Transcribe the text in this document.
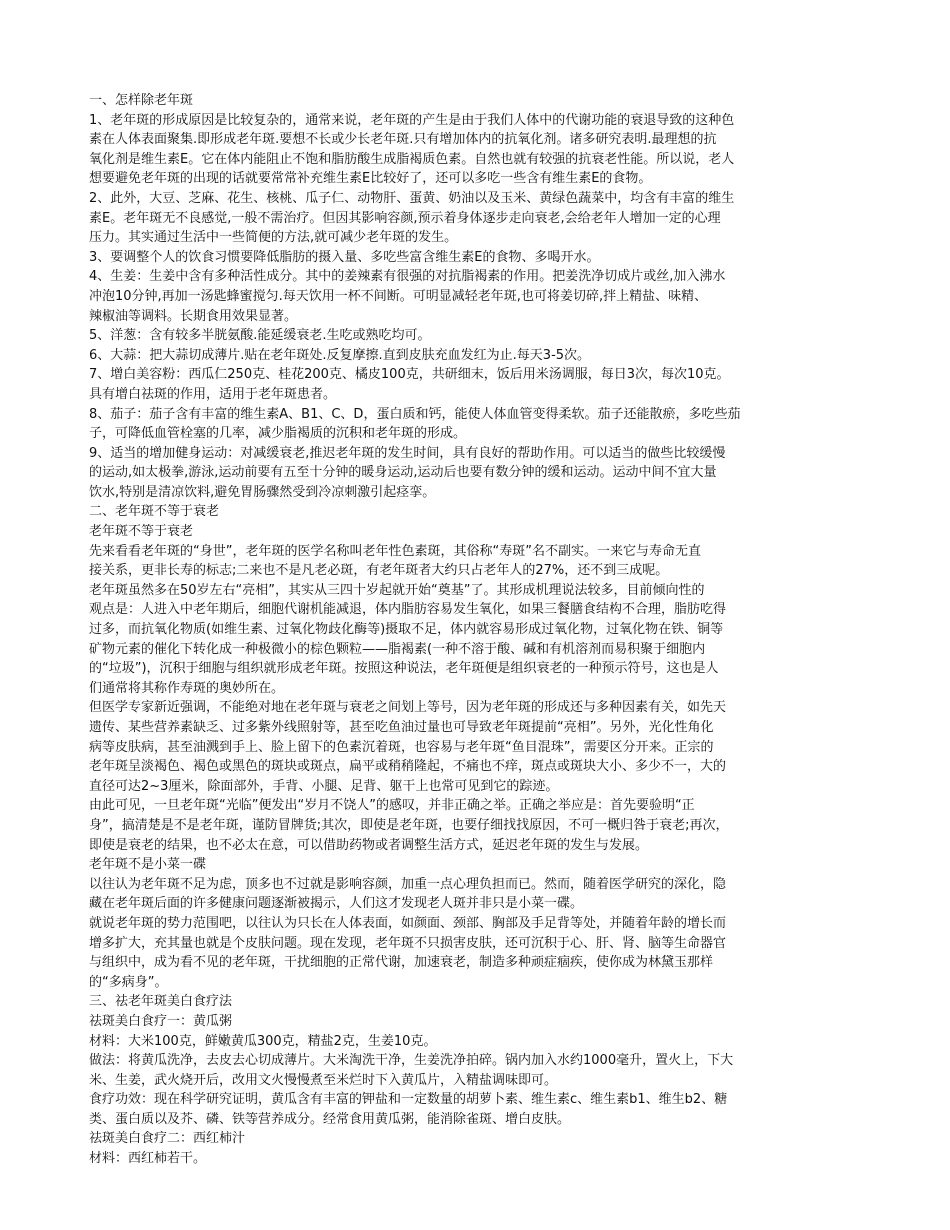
一、怎样除老年斑

1、老年斑的形成原因是比较复杂的，通常来说，老年斑的产生是由于我们人体中的代谢功能的衰退导致的这种色

素在人体表面聚集.即形成老年斑.要想不长或少长老年斑.只有增加体内的抗氧化剂。诸多研究表明.最理想的抗

氧化剂是维生素E。它在体内能阻止不饱和脂肪酸生成脂褐质色素。自然也就有较强的抗衰老性能。所以说，老人

想要避免老年斑的出现的话就要常常补充维生素E比较好了，还可以多吃一些含有维生素E的食物。

2、此外，大豆、芝麻、花生、核桃、瓜子仁、动物肝、蛋黄、奶油以及玉米、黄绿色蔬菜中，均含有丰富的维生

素E。老年斑无不良感觉,一般不需治疗。但因其影响容颜,预示着身体逐步走向衰老,会给老年人增加一定的心理

压力。其实通过生活中一些简便的方法,就可减少老年斑的发生。

3、要调整个人的饮食习惯要降低脂肪的摄入量、多吃些富含维生素E的食物、多喝开水。

4、生姜：生姜中含有多种活性成分。其中的姜辣素有很强的对抗脂褐素的作用。把姜洗净切成片或丝,加入沸水

冲泡10分钟,再加一汤匙蜂蜜搅匀.每天饮用一杯不间断。可明显减轻老年斑,也可将姜切碎,拌上精盐、味精、

辣椒油等调料。长期食用效果显著。

5、洋葱：含有较多半胱氨酸.能延缓衰老.生吃或熟吃均可。

6、大蒜：把大蒜切成薄片.贴在老年斑处.反复摩擦.直到皮肤充血发红为止.每天3-5次。

7、增白美容粉：西瓜仁250克、桂花200克、橘皮100克，共研细末，饭后用米汤调服，每日3次，每次10克。

具有增白祛斑的作用，适用于老年斑患者。

8、茄子：茄子含有丰富的维生素A、B1、C、D，蛋白质和钙，能使人体血管变得柔软。茄子还能散瘀，多吃些茄

子，可降低血管栓塞的几率，减少脂褐质的沉积和老年斑的形成。

9、适当的增加健身运动：对减缓衰老,推迟老年斑的发生时间，具有良好的帮助作用。可以适当的做些比较缓慢

的运动,如太极拳,游泳,运动前要有五至十分钟的暖身运动,运动后也要有数分钟的缓和运动。运动中间不宜大量

饮水,特别是清凉饮料,避免胃肠骤然受到冷凉刺激引起痉挛。

二、老年斑不等于衰老

老年斑不等于衰老

先来看看老年斑的“身世”，老年斑的医学名称叫老年性色素斑，其俗称“寿斑”名不副实。一来它与寿命无直

接关系，更非长寿的标志;二来也不是凡老必斑，有老年斑者大约只占老年人的27%，还不到三成呢。

老年斑虽然多在50岁左右“亮相”，其实从三四十岁起就开始“奠基”了。其形成机理说法较多，目前倾向性的

观点是：人进入中老年期后，细胞代谢机能减退，体内脂肪容易发生氧化，如果三餐膳食结构不合理，脂肪吃得

过多，而抗氧化物质(如维生素、过氧化物歧化酶等)摄取不足，体内就容易形成过氧化物，过氧化物在铁、铜等

矿物元素的催化下转化成一种极微小的棕色颗粒——脂褐素(一种不溶于酸、碱和有机溶剂而易积聚于细胞内

的“垃圾”)，沉积于细胞与组织就形成老年斑。按照这种说法，老年斑便是组织衰老的一种预示符号，这也是人

们通常将其称作寿斑的奥妙所在。

但医学专家新近强调，不能绝对地在老年斑与衰老之间划上等号，因为老年斑的形成还与多种因素有关，如先天

遗传、某些营养素缺乏、过多紫外线照射等，甚至吃鱼油过量也可导致老年斑提前“亮相”。另外，光化性角化

病等皮肤病，甚至油溅到手上、脸上留下的色素沉着斑，也容易与老年斑“鱼目混珠”，需要区分开来。正宗的

老年斑呈淡褐色、褐色或黑色的斑块或斑点，扁平或稍稍隆起，不痛也不痒，斑点或斑块大小、多少不一，大的

直径可达2~3厘米，除面部外，手背、小腿、足背、躯干上也常可见到它的踪迹。

由此可见，一旦老年斑“光临”便发出“岁月不饶人”的感叹，并非正确之举。正确之举应是：首先要验明“正

身”，搞清楚是不是老年斑，谨防冒牌货;其次，即使是老年斑，也要仔细找找原因，不可一概归咎于衰老;再次，

即使是衰老的结果，也不必太在意，可以借助药物或者调整生活方式，延迟老年斑的发生与发展。

老年斑不是小菜一碟

以往认为老年斑不足为虑，顶多也不过就是影响容颜，加重一点心理负担而已。然而，随着医学研究的深化，隐

藏在老年斑后面的许多健康问题逐渐被揭示，人们这才发现老人斑并非只是小菜一碟。

就说老年斑的势力范围吧，以往认为只长在人体表面，如颜面、颈部、胸部及手足背等处，并随着年龄的增长而

增多扩大，充其量也就是个皮肤问题。现在发现，老年斑不只损害皮肤，还可沉积于心、肝、肾、脑等生命器官

与组织中，成为看不见的老年斑，干扰细胞的正常代谢，加速衰老，制造多种顽症痼疾，使你成为林黛玉那样

的“多病身”。

三、祛老年斑美白食疗法

祛斑美白食疗一：黄瓜粥

材料：大米100克，鲜嫩黄瓜300克，精盐2克，生姜10克。

做法：将黄瓜洗净，去皮去心切成薄片。大米淘洗干净，生姜洗净拍碎。锅内加入水约1000毫升，置火上，下大

米、生姜，武火烧开后，改用文火慢慢煮至米烂时下入黄瓜片，入精盐调味即可。

食疗功效：现在科学研究证明，黄瓜含有丰富的钾盐和一定数量的胡萝卜素、维生素c、维生素b1、维生b2、糖

类、蛋白质以及芥、磷、铁等营养成分。经常食用黄瓜粥，能消除雀斑、增白皮肤。

祛斑美白食疗二：西红柿汁

材料：西红柿若干。
